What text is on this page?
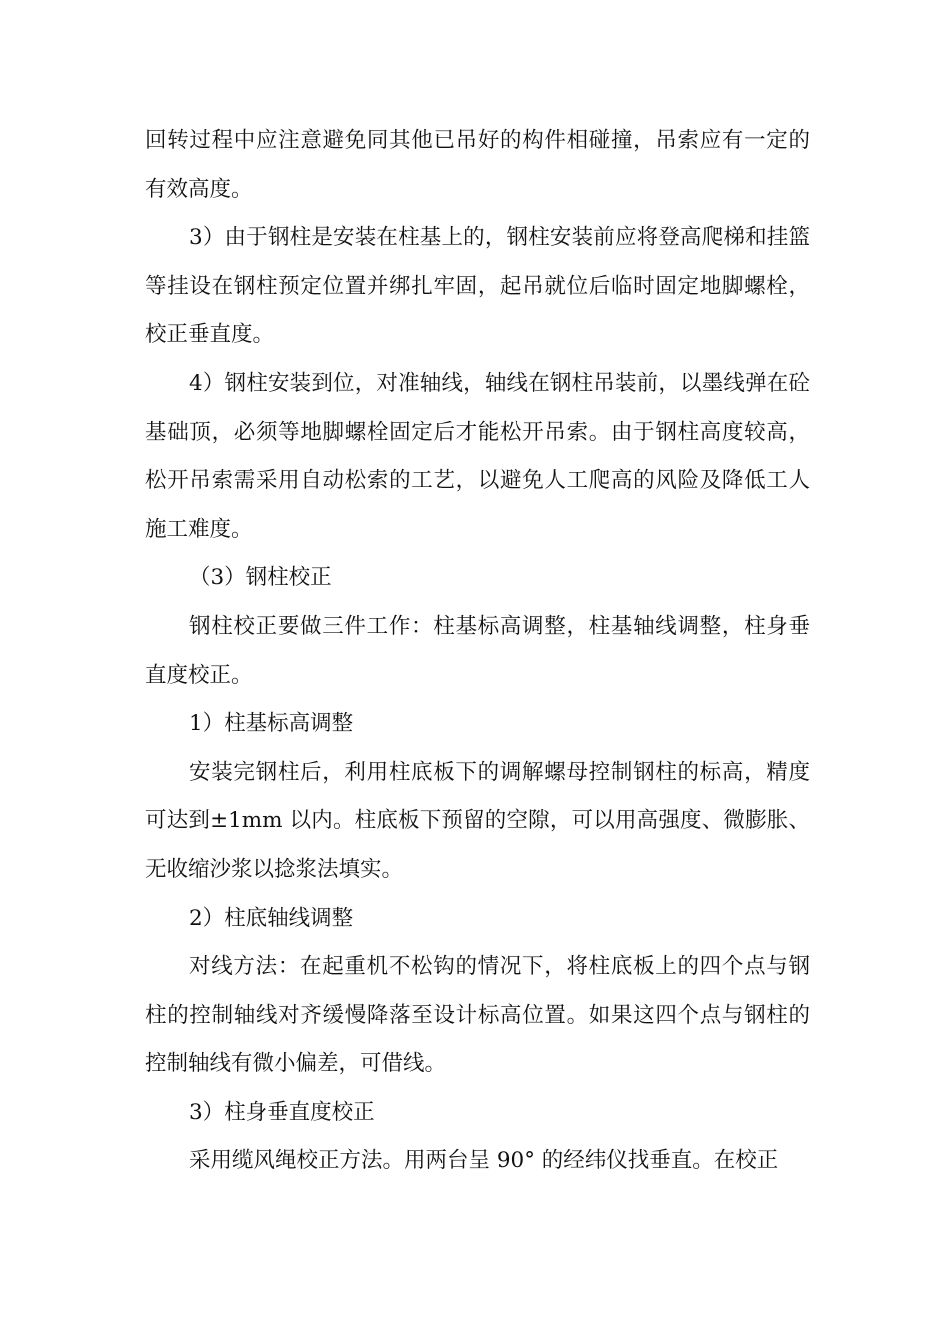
回转过程中应注意避免同其他已吊好的构件相碰撞，吊索应有一定的有效高度。

3）由于钢柱是安装在柱基上的，钢柱安装前应将登高爬梯和挂篮等挂设在钢柱预定位置并绑扎牢固，起吊就位后临时固定地脚螺栓，校正垂直度。

4）钢柱安装到位，对准轴线，轴线在钢柱吊装前，以墨线弹在砼基础顶，必须等地脚螺栓固定后才能松开吊索。由于钢柱高度较高，松开吊索需采用自动松索的工艺，以避免人工爬高的风险及降低工人施工难度。

（3）钢柱校正

钢柱校正要做三件工作：柱基标高调整，柱基轴线调整，柱身垂直度校正。

1）柱基标高调整

安装完钢柱后，利用柱底板下的调解螺母控制钢柱的标高，精度可达到±1mm 以内。柱底板下预留的空隙，可以用高强度、微膨胀、无收缩沙浆以捻浆法填实。

2）柱底轴线调整

对线方法：在起重机不松钩的情况下，将柱底板上的四个点与钢柱的控制轴线对齐缓慢降落至设计标高位置。如果这四个点与钢柱的控制轴线有微小偏差，可借线。

3）柱身垂直度校正

采用缆风绳校正方法。用两台呈 90° 的经纬仪找垂直。在校正
